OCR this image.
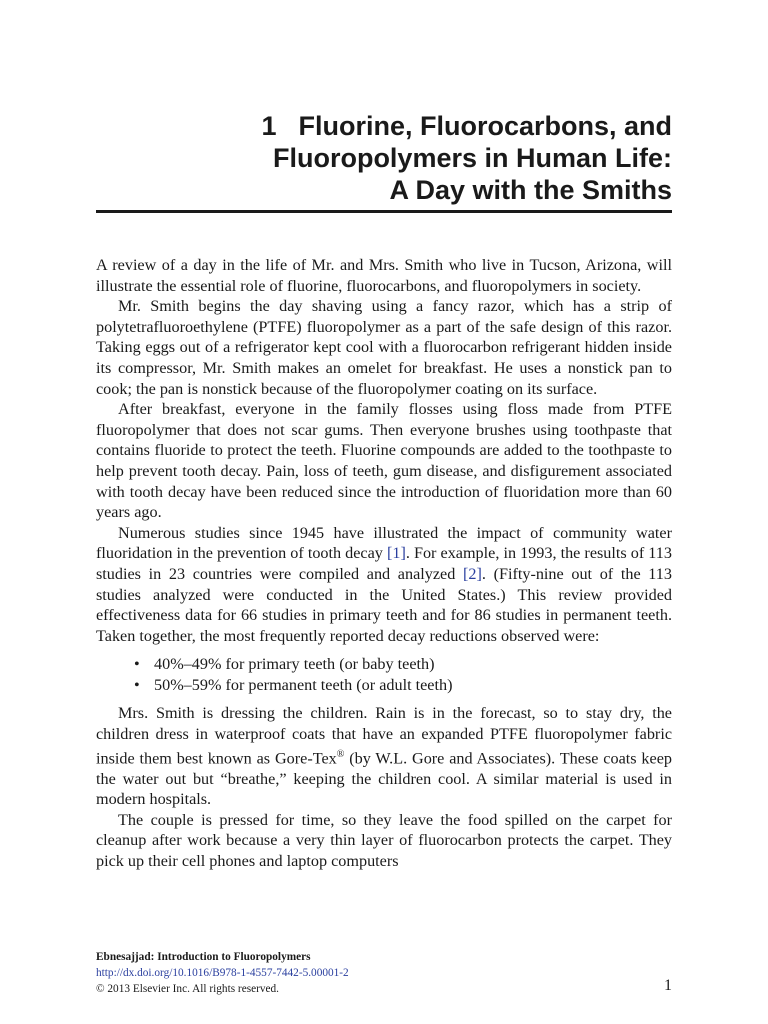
1 Fluorine, Fluorocarbons, and
Fluoropolymers in Human Life:
A Day with the Smiths

A review of a day in the life of Mr. and Mrs. Smith who live in Tucson, Arizona, will illustrate the essential role of fluorine, fluorocarbons, and fluoropolymers in society.

Mr. Smith begins the day shaving using a fancy razor, which has a strip of polytetrafluoroethylene (PTFE) fluoropolymer as a part of the safe design of this razor. Taking eggs out of a refrigerator kept cool with a fluorocarbon refrigerant hidden inside its compressor, Mr. Smith makes an omelet for breakfast. He uses a nonstick pan to cook; the pan is nonstick because of the fluoropolymer coating on its surface.

After breakfast, everyone in the family flosses using floss made from PTFE fluoropolymer that does not scar gums. Then everyone brushes using toothpaste that contains fluoride to protect the teeth. Fluorine compounds are added to the toothpaste to help prevent tooth decay. Pain, loss of teeth, gum disease, and disfigurement associated with tooth decay have been reduced since the introduction of fluoridation more than 60 years ago.

Numerous studies since 1945 have illustrated the impact of community water fluoridation in the prevention of tooth decay [1]. For example, in 1993, the results of 113 studies in 23 countries were compiled and analyzed [2]. (Fifty-nine out of the 113 studies analyzed were conducted in the United States.) This review provided effectiveness data for 66 studies in primary teeth and for 86 studies in permanent teeth. Taken together, the most frequently reported decay reductions observed were:

• 40%–49% for primary teeth (or baby teeth)
• 50%–59% for permanent teeth (or adult teeth)

Mrs. Smith is dressing the children. Rain is in the forecast, so to stay dry, the children dress in waterproof coats that have an expanded PTFE fluoropolymer fabric inside them best known as Gore-Tex® (by W.L. Gore and Associates). These coats keep the water out but “breathe,” keeping the children cool. A similar material is used in modern hospitals.

The couple is pressed for time, so they leave the food spilled on the carpet for cleanup after work because a very thin layer of fluorocarbon protects the carpet. They pick up their cell phones and laptop computers

Ebnesajjad: Introduction to Fluoropolymers
http://dx.doi.org/10.1016/B978-1-4557-7442-5.00001-2
© 2013 Elsevier Inc. All rights reserved.	1
